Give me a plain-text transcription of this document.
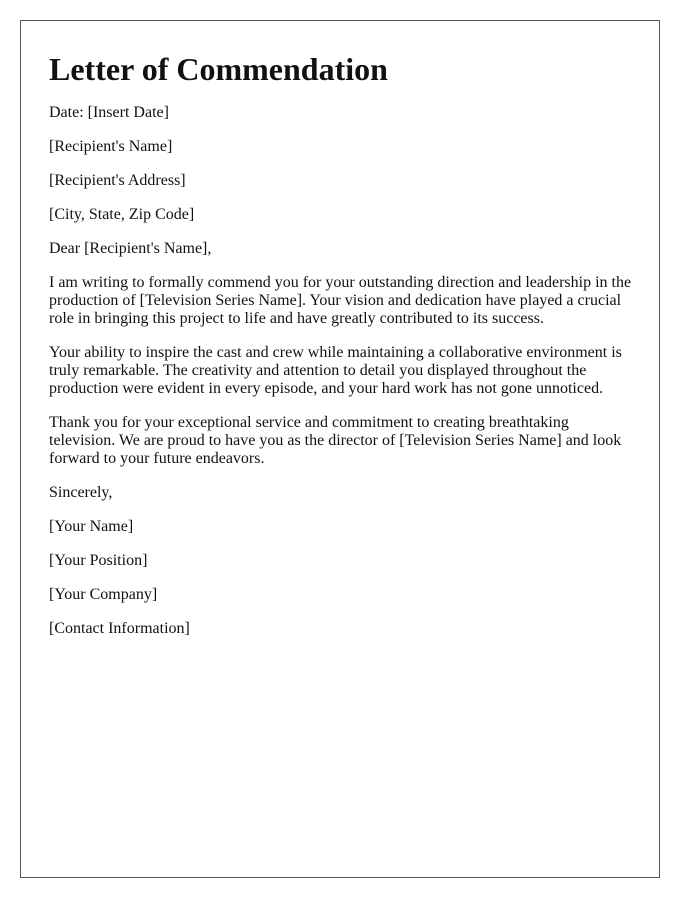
Letter of Commendation

Date: [Insert Date]

[Recipient's Name]

[Recipient's Address]

[City, State, Zip Code]

Dear [Recipient's Name],

I am writing to formally commend you for your outstanding direction and leadership in the production of [Television Series Name]. Your vision and dedication have played a crucial role in bringing this project to life and have greatly contributed to its success.

Your ability to inspire the cast and crew while maintaining a collaborative environment is truly remarkable. The creativity and attention to detail you displayed throughout the production were evident in every episode, and your hard work has not gone unnoticed.

Thank you for your exceptional service and commitment to creating breathtaking television. We are proud to have you as the director of [Television Series Name] and look forward to your future endeavors.

Sincerely,

[Your Name]

[Your Position]

[Your Company]

[Contact Information]
